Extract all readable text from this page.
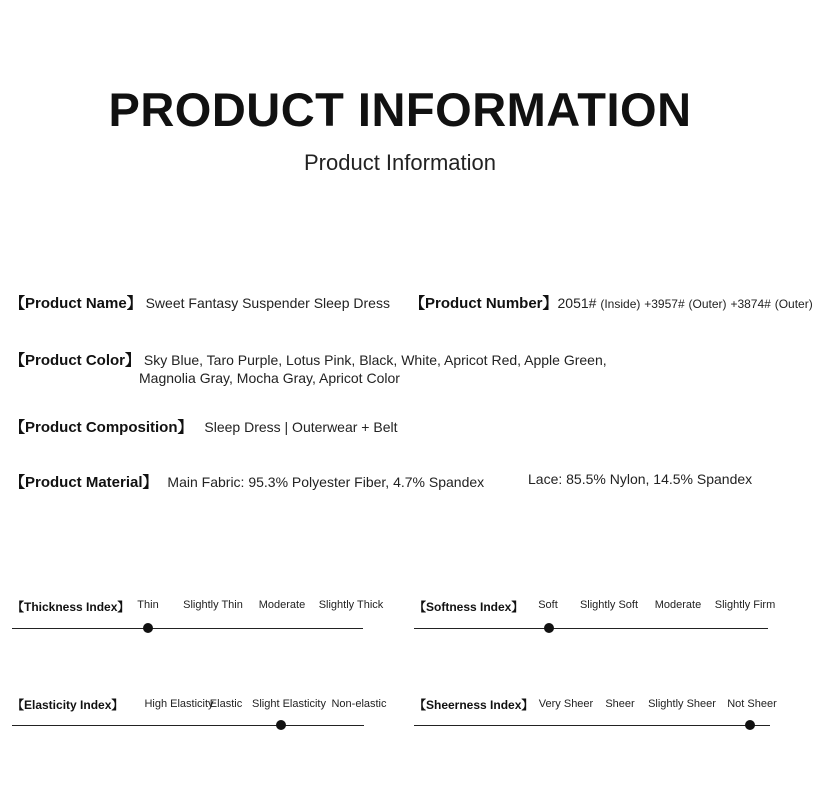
PRODUCT INFORMATION
Product Information
【Product Name】 Sweet Fantasy Suspender Sleep Dress 【Product Number】2051# (Inside) +3957# (Outer) +3874# (Outer)
【Product Color】 Sky Blue, Taro Purple, Lotus Pink, Black, White, Apricot Red, Apple Green,
Magnolia Gray, Mocha Gray, Apricot Color
【Product Composition】 Sleep Dress | Outerwear + Belt
【Product Material】 Main Fabric: 95.3% Polyester Fiber, 4.7% Spandex	Lace: 85.5% Nylon, 14.5% Spandex
【Thickness Index】 Thin Slightly Thin Moderate Slightly Thick	【Softness Index】 Soft Slightly Soft Moderate Slightly Firm
【Elasticity Index】 High Elasticity
Elastic Slight Elasticity Non-elastic 【Sheerness Index】 Very Sheer Sheer Slightly Sheer Not Sheer
